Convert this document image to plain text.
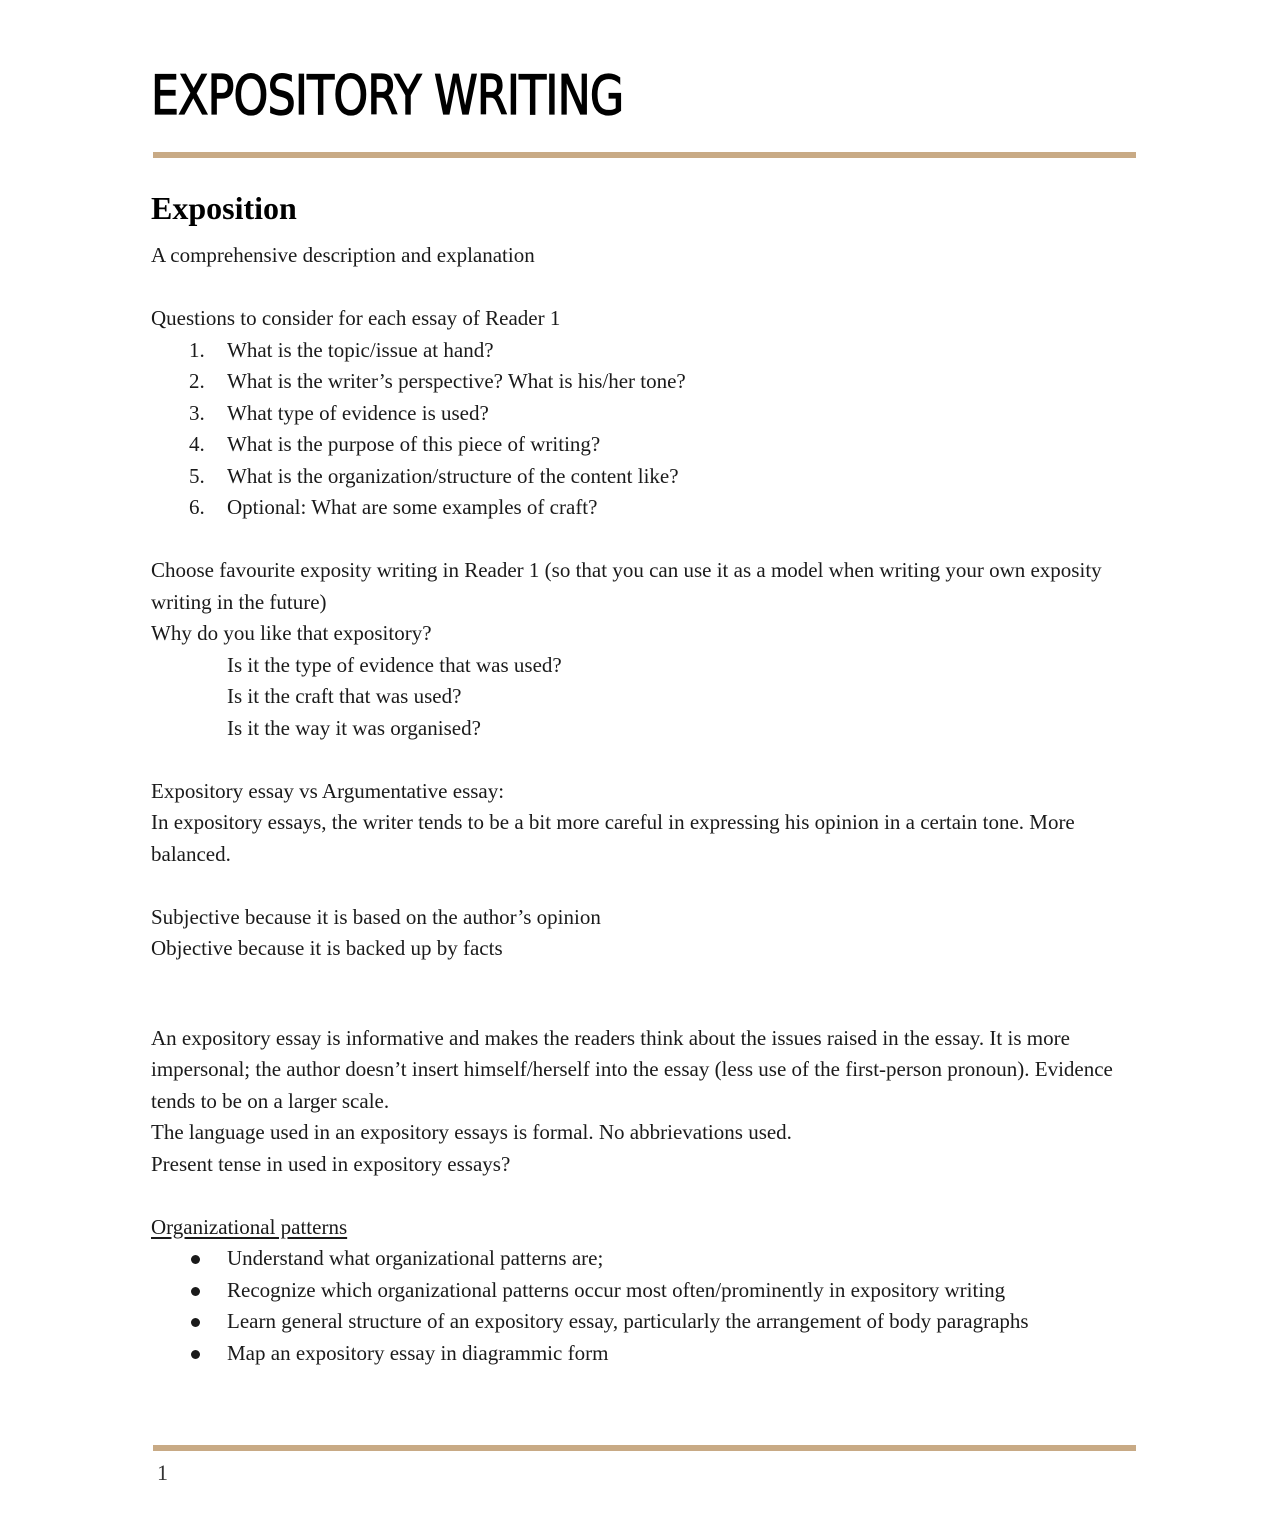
EXPOSITORY WRITING
Exposition

A comprehensive description and explanation

Questions to consider for each essay of Reader 1

1.	What is the topic/issue at hand?
2.	What is the writer’s perspective? What is his/her tone?
3.	What type of evidence is used?
4.	What is the purpose of this piece of writing?
5.	What is the organization/structure of the content like?
6.	Optional: What are some examples of craft?

Choose favourite exposity writing in Reader 1 (so that you can use it as a model when writing your own exposity writing in the future)

Why do you like that expository?

Is it the type of evidence that was used?

Is it the craft that was used?

Is it the way it was organised?

Expository essay vs Argumentative essay:

In expository essays, the writer tends to be a bit more careful in expressing his opinion in a certain tone. More balanced.

Subjective because it is based on the author’s opinion

Objective because it is backed up by facts

An expository essay is informative and makes the readers think about the issues raised in the essay. It is more impersonal; the author doesn’t insert himself/herself into the essay (less use of the first-person pronoun). Evidence tends to be on a larger scale.

The language used in an expository essays is formal. No abbrievations used.

Present tense in used in expository essays?

Organizational patterns

Understand what organizational patterns are;
Recognize which organizational patterns occur most often/prominently in expository writing
Learn general structure of an expository essay, particularly the arrangement of body paragraphs
Map an expository essay in diagrammic form
1
